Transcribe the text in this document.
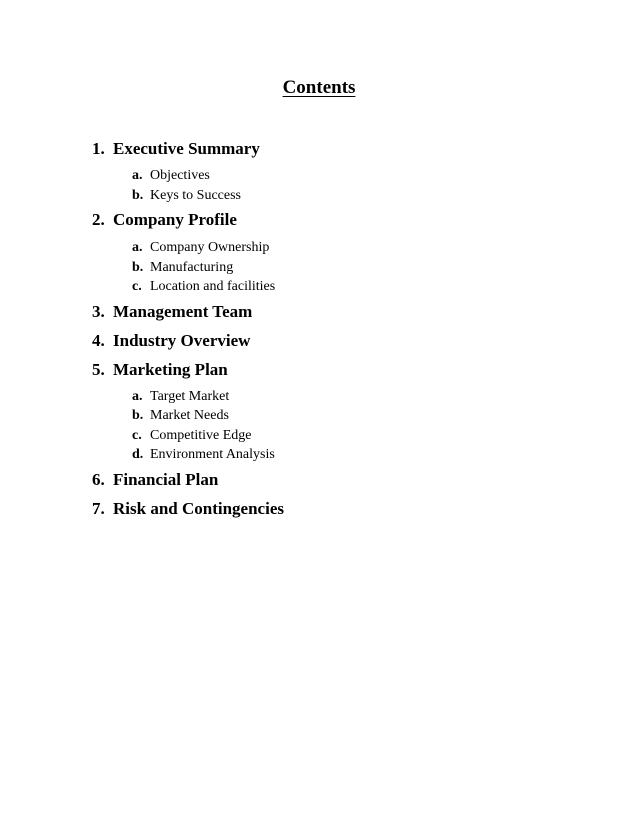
Contents
1. Executive Summary
a. Objectives
b. Keys to Success
2. Company Profile
a. Company Ownership
b. Manufacturing
c. Location and facilities
3. Management Team
4. Industry Overview
5. Marketing Plan
a. Target Market
b. Market Needs
c. Competitive Edge
d. Environment Analysis
6. Financial Plan
7. Risk and Contingencies
